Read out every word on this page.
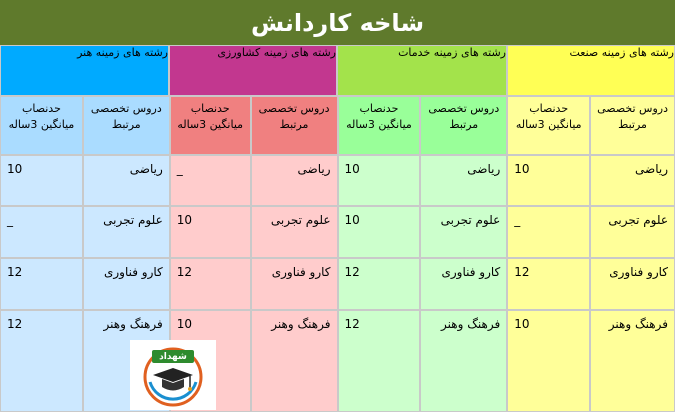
شاخه کاردانش
رشته های زمینه صنعت
رشته های زمینه خدمات
رشته های زمینه کشاورزی
رشته های زمینه هنر
دروس تخصصی مرتبط
حدنصاب میانگین 3ساله
دروس تخصصی مرتبط
حدنصاب میانگین 3ساله
دروس تخصصی مرتبط
حدنصاب میانگین 3ساله
دروس تخصصی مرتبط
حدنصاب میانگین 3ساله
ریاضی
10
ریاضی
10
ریاضی
_
ریاضی
10
علوم تجربی
_
علوم تجربی
10
علوم تجربی
10
علوم تجربی
_
کارو فناوری
12
کارو فناوری
12
کارو فناوری
12
کارو فناوری
12
فرهنگ وهنر
10
فرهنگ وهنر
12
فرهنگ وهنر
10
فرهنگ وهنر
12
شهداد
